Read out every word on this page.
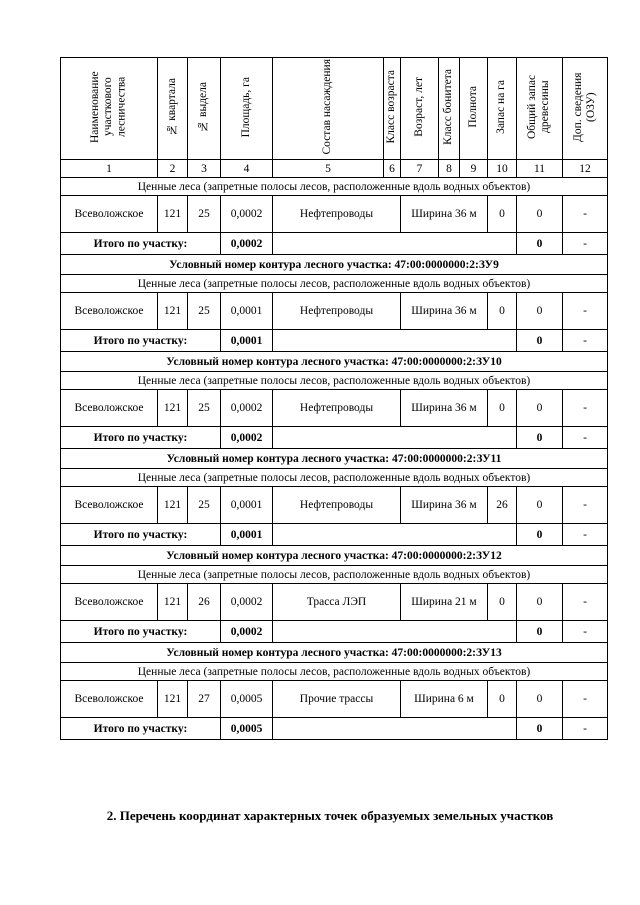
Наименование участкового лесничества	№ квартала	№ выдела	Площадь, га	Состав насаждения	Класс возраста	Возраст, лет	Класс бонитета	Полнота	Запас на га	Общий запас древесины	Доп. сведения (ОЗУ)
1	2	3	4	5	6	7	8	9	10	11	12
Ценные леса (запретные полосы лесов, расположенные вдоль водных объектов)											
Всеволожское	121	25	0,0002	Нефтепроводы		Ширина 36 м			0	0	-
Итого по участку:			0,0002							0	-
Условный номер контура лесного участка: 47:00:0000000:2:ЗУ9											
Ценные леса (запретные полосы лесов, расположенные вдоль водных объектов)											
Всеволожское	121	25	0,0001	Нефтепроводы		Ширина 36 м			0	0	-
Итого по участку:			0,0001							0	-
Условный номер контура лесного участка: 47:00:0000000:2:ЗУ10											
Ценные леса (запретные полосы лесов, расположенные вдоль водных объектов)											
Всеволожское	121	25	0,0002	Нефтепроводы		Ширина 36 м			0	0	-
Итого по участку:			0,0002							0	-
Условный номер контура лесного участка: 47:00:0000000:2:ЗУ11											
Ценные леса (запретные полосы лесов, расположенные вдоль водных объектов)											
Всеволожское	121	25	0,0001	Нефтепроводы		Ширина 36 м			26	0	-
Итого по участку:			0,0001							0	-
Условный номер контура лесного участка: 47:00:0000000:2:ЗУ12											
Ценные леса (запретные полосы лесов, расположенные вдоль водных объектов)											
Всеволожское	121	26	0,0002	Трасса ЛЭП		Ширина 21 м			0	0	-
Итого по участку:			0,0002							0	-
Условный номер контура лесного участка: 47:00:0000000:2:ЗУ13											
Ценные леса (запретные полосы лесов, расположенные вдоль водных объектов)											
Всеволожское	121	27	0,0005	Прочие трассы		Ширина 6 м			0	0	-
Итого по участку:			0,0005							0	-
2. Перечень координат характерных точек образуемых земельных участков
